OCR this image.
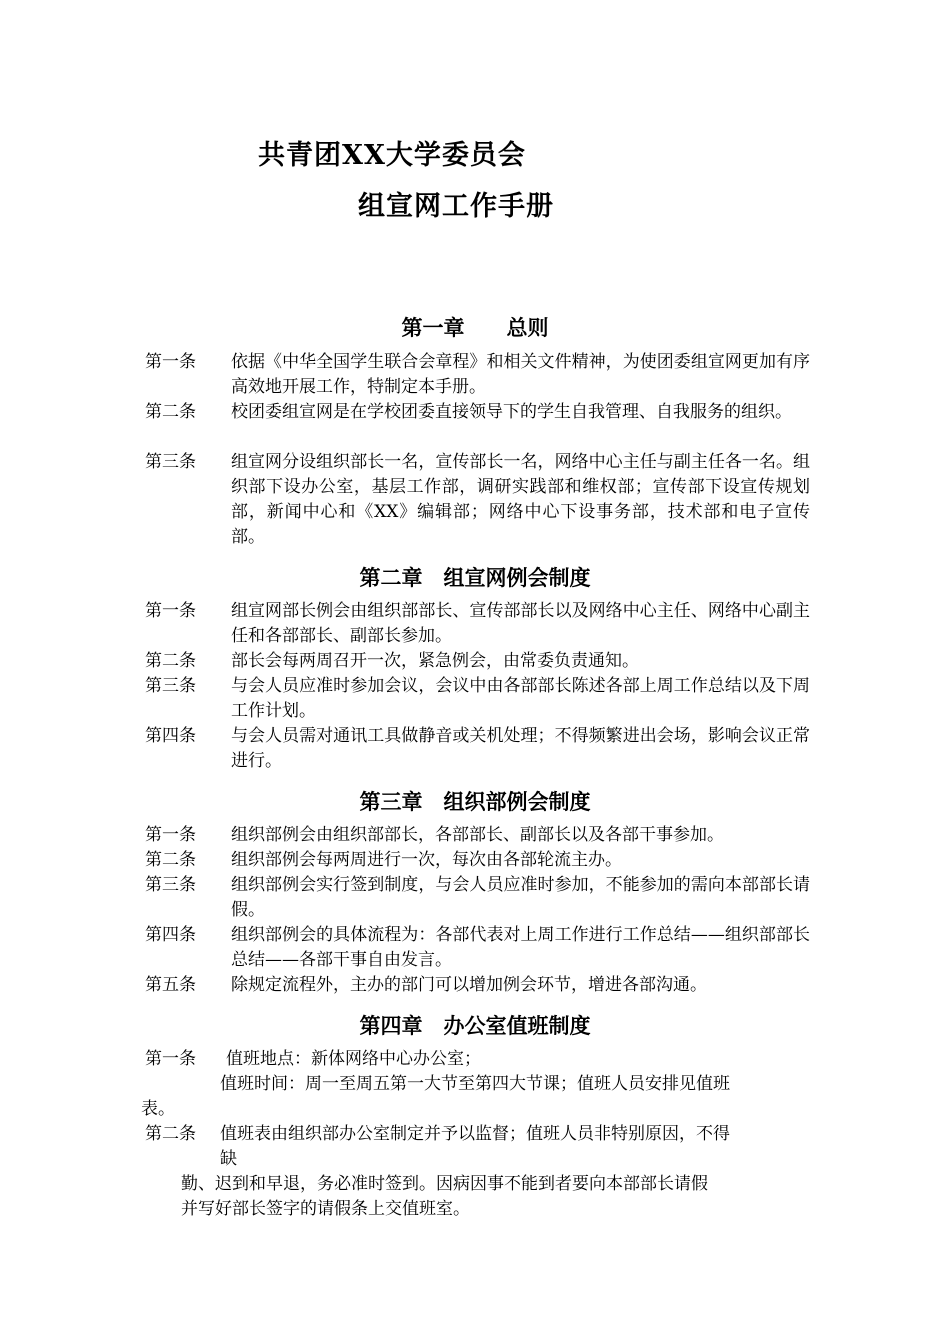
共青团XX大学委员会
组宣网工作手册
第一章　　总则
第一条 依据《中华全国学生联合会章程》和相关文件精神，为使团委组宣网更加有序高效地开展工作，特制定本手册。
第二条 校团委组宣网是在学校团委直接领导下的学生自我管理、自我服务的组织。
第三条 组宣网分设组织部长一名，宣传部长一名，网络中心主任与副主任各一名。组织部下设办公室，基层工作部，调研实践部和维权部；宣传部下设宣传规划部，新闻中心和《XX》编辑部；网络中心下设事务部，技术部和电子宣传部。
第二章　组宣网例会制度
第一条 组宣网部长例会由组织部部长、宣传部部长以及网络中心主任、网络中心副主任和各部部长、副部长参加。
第二条 部长会每两周召开一次，紧急例会，由常委负责通知。
第三条 与会人员应准时参加会议，会议中由各部部长陈述各部上周工作总结以及下周工作计划。
第四条 与会人员需对通讯工具做静音或关机处理；不得频繁进出会场，影响会议正常进行。
第三章　组织部例会制度
第一条 组织部例会由组织部部长，各部部长、副部长以及各部干事参加。
第二条 组织部例会每两周进行一次，每次由各部轮流主办。
第三条 组织部例会实行签到制度，与会人员应准时参加，不能参加的需向本部部长请假。
第四条 组织部例会的具体流程为：各部代表对上周工作进行工作总结——组织部部长总结——各部干事自由发言。
第五条 除规定流程外，主办的部门可以增加例会环节，增进各部沟通。
第四章　办公室值班制度
第一条 值班地点：新体网络中心办公室；
值班时间：周一至周五第一大节至第四大节课；值班人员安排见值班
表。
第二条 值班表由组织部办公室制定并予以监督；值班人员非特别原因，不得
缺
勤、迟到和早退，务必准时签到。因病因事不能到者要向本部部长请假
并写好部长签字的请假条上交值班室。
